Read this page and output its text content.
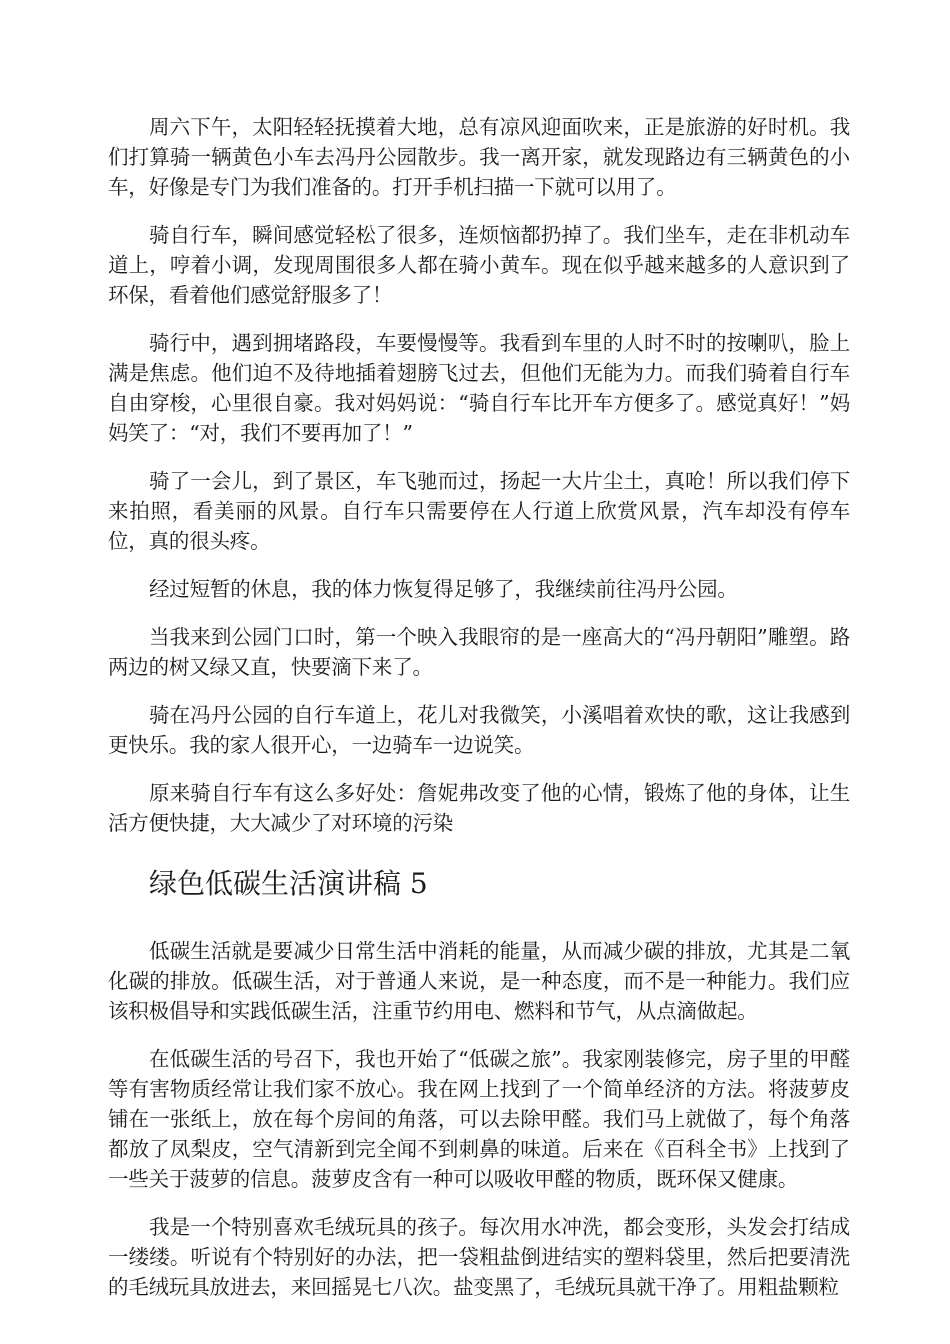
周六下午，太阳轻轻抚摸着大地，总有凉风迎面吹来，正是旅游的好时机。我们打算骑一辆黄色小车去冯丹公园散步。我一离开家，就发现路边有三辆黄色的小车，好像是专门为我们准备的。打开手机扫描一下就可以用了。

骑自行车，瞬间感觉轻松了很多，连烦恼都扔掉了。我们坐车，走在非机动车道上，哼着小调，发现周围很多人都在骑小黄车。现在似乎越来越多的人意识到了环保，看着他们感觉舒服多了！

骑行中，遇到拥堵路段，车要慢慢等。我看到车里的人时不时的按喇叭，脸上满是焦虑。他们迫不及待地插着翅膀飞过去，但他们无能为力。而我们骑着自行车自由穿梭，心里很自豪。我对妈妈说：“骑自行车比开车方便多了。感觉真好！”妈妈笑了：“对，我们不要再加了！”

骑了一会儿，到了景区，车飞驰而过，扬起一大片尘土，真呛！所以我们停下来拍照，看美丽的风景。自行车只需要停在人行道上欣赏风景，汽车却没有停车位，真的很头疼。

经过短暂的休息，我的体力恢复得足够了，我继续前往冯丹公园。

当我来到公园门口时，第一个映入我眼帘的是一座高大的“冯丹朝阳”雕塑。路两边的树又绿又直，快要滴下来了。

骑在冯丹公园的自行车道上，花儿对我微笑，小溪唱着欢快的歌，这让我感到更快乐。我的家人很开心，一边骑车一边说笑。

原来骑自行车有这么多好处：詹妮弗改变了他的心情，锻炼了他的身体，让生活方便快捷，大大减少了对环境的污染

绿色低碳生活演讲稿 5

低碳生活就是要减少日常生活中消耗的能量，从而减少碳的排放，尤其是二氧化碳的排放。低碳生活，对于普通人来说，是一种态度，而不是一种能力。我们应该积极倡导和实践低碳生活，注重节约用电、燃料和节气，从点滴做起。

在低碳生活的号召下，我也开始了“低碳之旅”。我家刚装修完，房子里的甲醛等有害物质经常让我们家不放心。我在网上找到了一个简单经济的方法。将菠萝皮铺在一张纸上，放在每个房间的角落，可以去除甲醛。我们马上就做了，每个角落都放了凤梨皮，空气清新到完全闻不到刺鼻的味道。后来在《百科全书》上找到了一些关于菠萝的信息。菠萝皮含有一种可以吸收甲醛的物质，既环保又健康。

我是一个特别喜欢毛绒玩具的孩子。每次用水冲洗，都会变形，头发会打结成一缕缕。听说有个特别好的办法，把一袋粗盐倒进结实的塑料袋里，然后把要清洗的毛绒玩具放进去，来回摇晃七八次。盐变黑了，毛绒玩具就干净了。用粗盐颗粒
